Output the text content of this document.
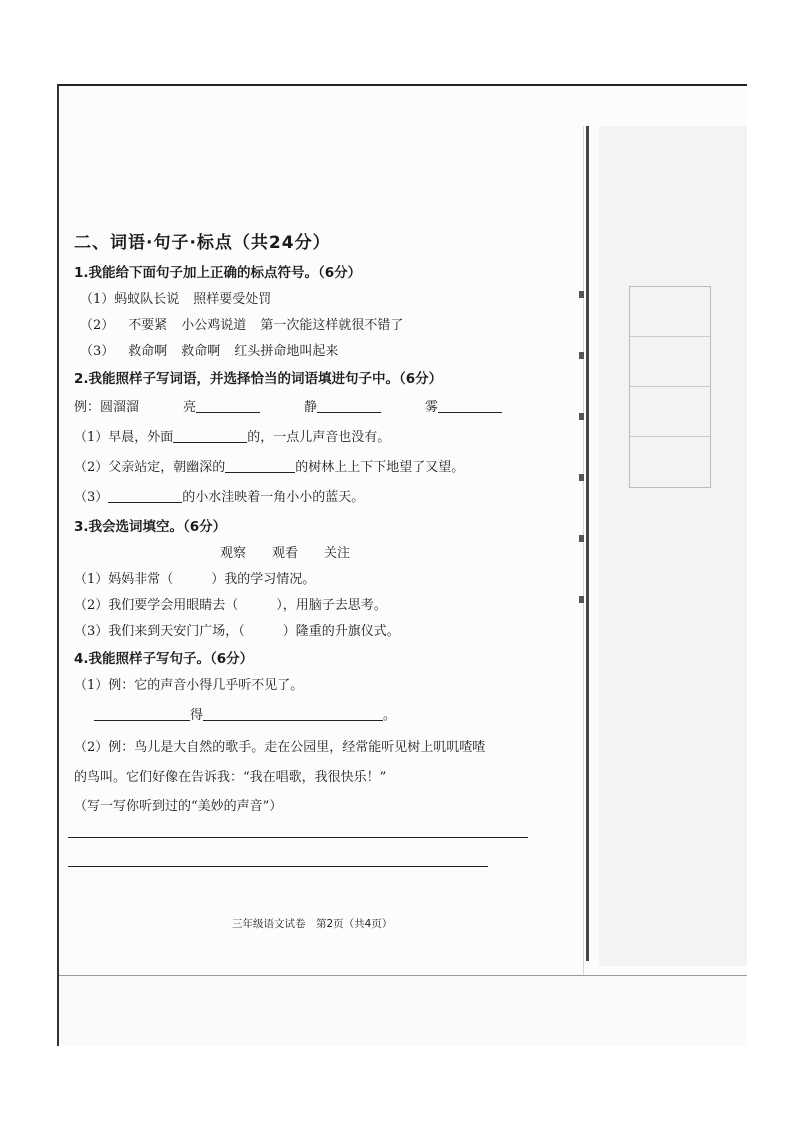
二、词语·句子·标点（共24分）

1.我能给下面句子加上正确的标点符号。（6分）

（1）蚂蚁队长说 照样要受处罚

（2） 不要紧 小公鸡说道 第一次能这样就很不错了

（3） 救命啊 救命啊 红头拼命地叫起来

2.我能照样子写词语，并选择恰当的词语填进句子中。（6分）

例：圆溜溜	亮	静	雾

（1）早晨，外面	的，一点儿声音也没有。

（2）父亲站定，朝幽深的	的树林上上下下地望了又望。

（3）	的小水洼映着一角小小的蓝天。

3.我会选词填空。（6分）

观察 观看 关注

（1）妈妈非常（	）我的学习情况。

（2）我们要学会用眼睛去（	），用脑子去思考。

（3）我们来到天安门广场，（	）隆重的升旗仪式。

4.我能照样子写句子。（6分）

（1）例：它的声音小得几乎听不见了。

得	。

（2）例：鸟儿是大自然的歌手。走在公园里，经常能听见树上叽叽喳喳

的鸟叫。它们好像在告诉我：“我在唱歌，我很快乐！”

（写一写你听到过的“美妙的声音”）

三年级语文试卷　第2页（共4页）
